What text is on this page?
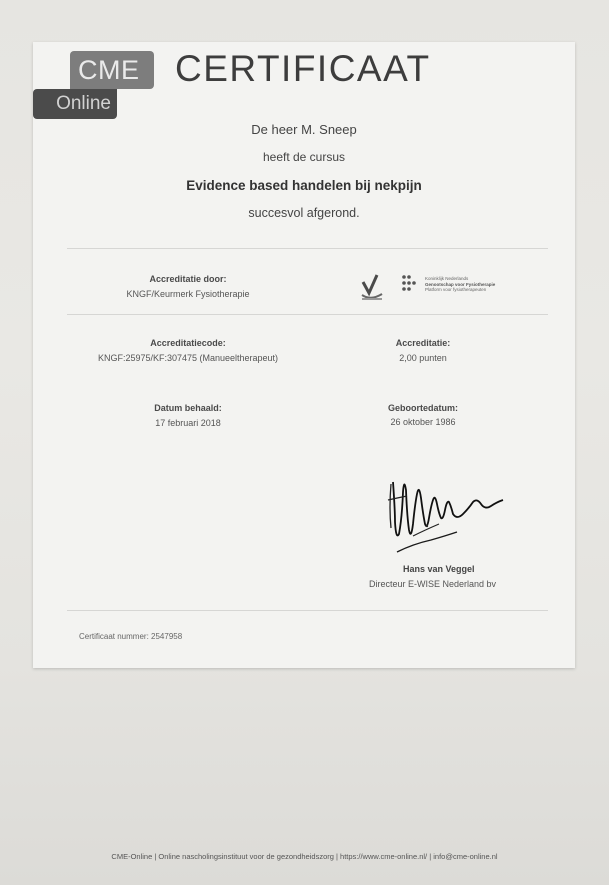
CME
Online
CERTIFICAAT
De heer M. Sneep
heeft de cursus
Evidence based handelen bij nekpijn
succesvol afgerond.
Accreditatie door:
KNGF/Keurmerk Fysiotherapie
Koninklijk Nederlands
Genootschap voor Fysiotherapie
Platform voor fysiotherapeuten
Accreditatiecode:
KNGF:25975/KF:307475 (Manueeltherapeut)
Accreditatie:
2,00 punten
Datum behaald:
17 februari 2018
Geboortedatum:
26 oktober 1986
Hans van Veggel
Directeur E-WISE Nederland bv
Certificaat nummer: 2547958
CME-Online | Online nascholingsinstituut voor de gezondheidszorg | https://www.cme-online.nl/ | info@cme-online.nl
